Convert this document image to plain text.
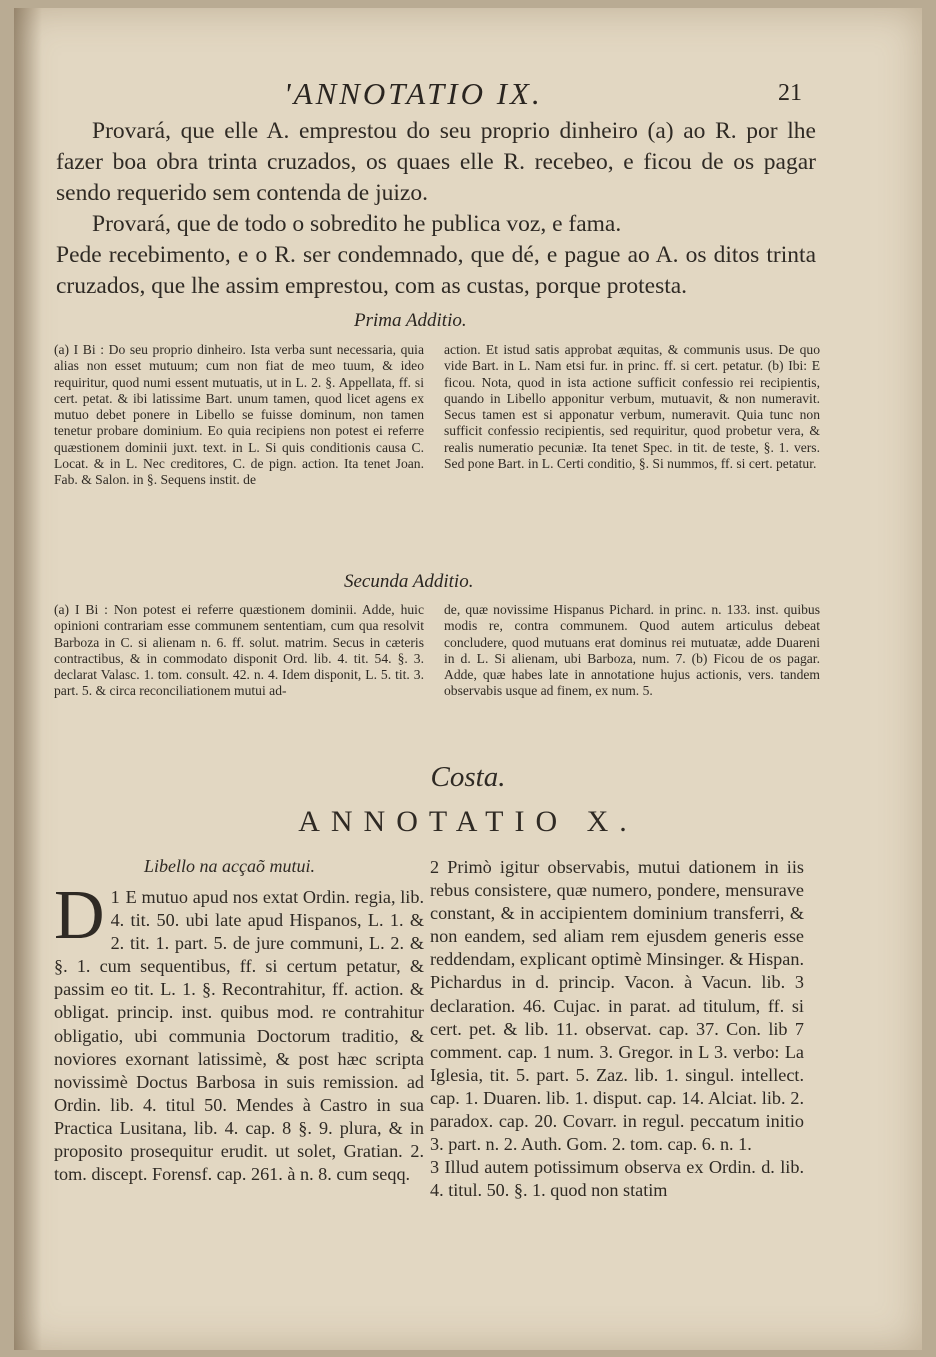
'ANNOTATIO IX.	21

Provará, que elle A. emprestou do seu proprio dinheiro (a) ao R. por lhe fazer boa obra trinta cruzados, os quaes elle R. recebeo, e ficou de os pagar sendo requerido sem contenda de juizo.

Provará, que de todo o sobredito he publica voz, e fama.

Pede recebimento, e o R. ser condemnado, que dé, e pague ao A. os ditos trinta cruzados, que lhe assim emprestou, com as custas, porque protesta.

Prima Additio.
(a) I Bi : Do seu proprio dinheiro. Ista verba sunt necessaria, quia alias non esset mutuum; cum non fiat de meo tuum, & ideo requiritur, quod numi essent mutuatis, ut in L. 2. §. Appellata, ff. si cert. petat. & ibi latissime Bart. unum tamen, quod licet agens ex mutuo debet ponere in Libello se fuisse dominum, non tamen tenetur probare dominium. Eo quia recipiens non potest ei referre quæstionem dominii juxt. text. in L. Si quis conditionis causa C. Locat. & in L. Nec creditores, C. de pign. action. Ita tenet Joan. Fab. & Salon. in §. Sequens instit. de
action. Et istud satis approbat æquitas, & communis usus. De quo vide Bart. in L. Nam etsi fur. in princ. ff. si cert. petatur. (b) Ibi: E ficou. Nota, quod in ista actione sufficit confessio rei recipientis, quando in Libello apponitur verbum, mutuavit, & non numeravit. Secus tamen est si apponatur verbum, numeravit. Quia tunc non sufficit confessio recipientis, sed requiritur, quod probetur vera, & realis numeratio pecuniæ. Ita tenet Spec. in tit. de teste, §. 1. vers. Sed pone Bart. in L. Certi conditio, §. Si nummos, ff. si cert. petatur.
Secunda Additio.
(a) I Bi : Non potest ei referre quæstionem dominii. Adde, huic opinioni contrariam esse communem sententiam, cum qua resolvit Barboza in C. si alienam n. 6. ff. solut. matrim. Secus in cæteris contractibus, & in commodato disponit Ord. lib. 4. tit. 54. §. 3. declarat Valasc. 1. tom. consult. 42. n. 4. Idem disponit, L. 5. tit. 3. part. 5. & circa reconciliationem mutui ad-
de, quæ novissime Hispanus Pichard. in princ. n. 133. inst. quibus modis re, contra communem. Quod autem articulus debeat concludere, quod mutuans erat dominus rei mutuatæ, adde Duareni in d. L. Si alienam, ubi Barboza, num. 7. (b) Ficou de os pagar. Adde, quæ habes late in annotatione hujus actionis, vers. tandem observabis usque ad finem, ex num. 5.
Costa.
ANNOTATIO X.
Libello na acçaõ mutui.

1
D E mutuo apud nos extat Ordin. regia, lib. 4. tit. 50. ubi late apud Hispanos, L. 1. & 2. tit. 1. part. 5. de jure communi, L. 2. & §. 1. cum sequentibus, ff. si certum petatur, & passim eo tit. L. 1. §. Recontrahitur, ff. action. & obligat. princip. inst. quibus mod. re contrahitur obligatio, ubi communia Doctorum traditio, & noviores exornant latissimè, & post hæc scripta novissimè Doctus Barbosa in suis remission. ad Ordin. lib. 4. titul 50. Mendes à Castro in sua Practica Lusitana, lib. 4. cap. 8 §. 9. plura, & in proposito prosequitur erudit. ut solet, Gratian. 2. tom. discept. Forensf. cap. 261. à n. 8. cum seqq.

2 Primò igitur observabis, mutui dationem in iis rebus consistere, quæ numero, pondere, mensurave constant, & in accipientem dominium transferri, & non eandem, sed aliam rem ejusdem generis esse reddendam, explicant optimè Minsinger. & Hispan. Pichardus in d. princip. Vacon. à Vacun. lib. 3 declaration. 46. Cujac. in parat. ad titulum, ff. si cert. pet. & lib. 11. observat. cap. 37. Con. lib 7 comment. cap. 1 num. 3. Gregor. in L 3. verbo: La Iglesia, tit. 5. part. 5. Zaz. lib. 1. singul. intellect. cap. 1. Duaren. lib. 1. disput. cap. 14. Alciat. lib. 2. paradox. cap. 20. Covarr. in regul. peccatum initio 3. part. n. 2. Auth. Gom. 2. tom. cap. 6. n. 1.

3 Illud autem potissimum observa ex Ordin. d. lib. 4. titul. 50. §. 1. quod non statim
